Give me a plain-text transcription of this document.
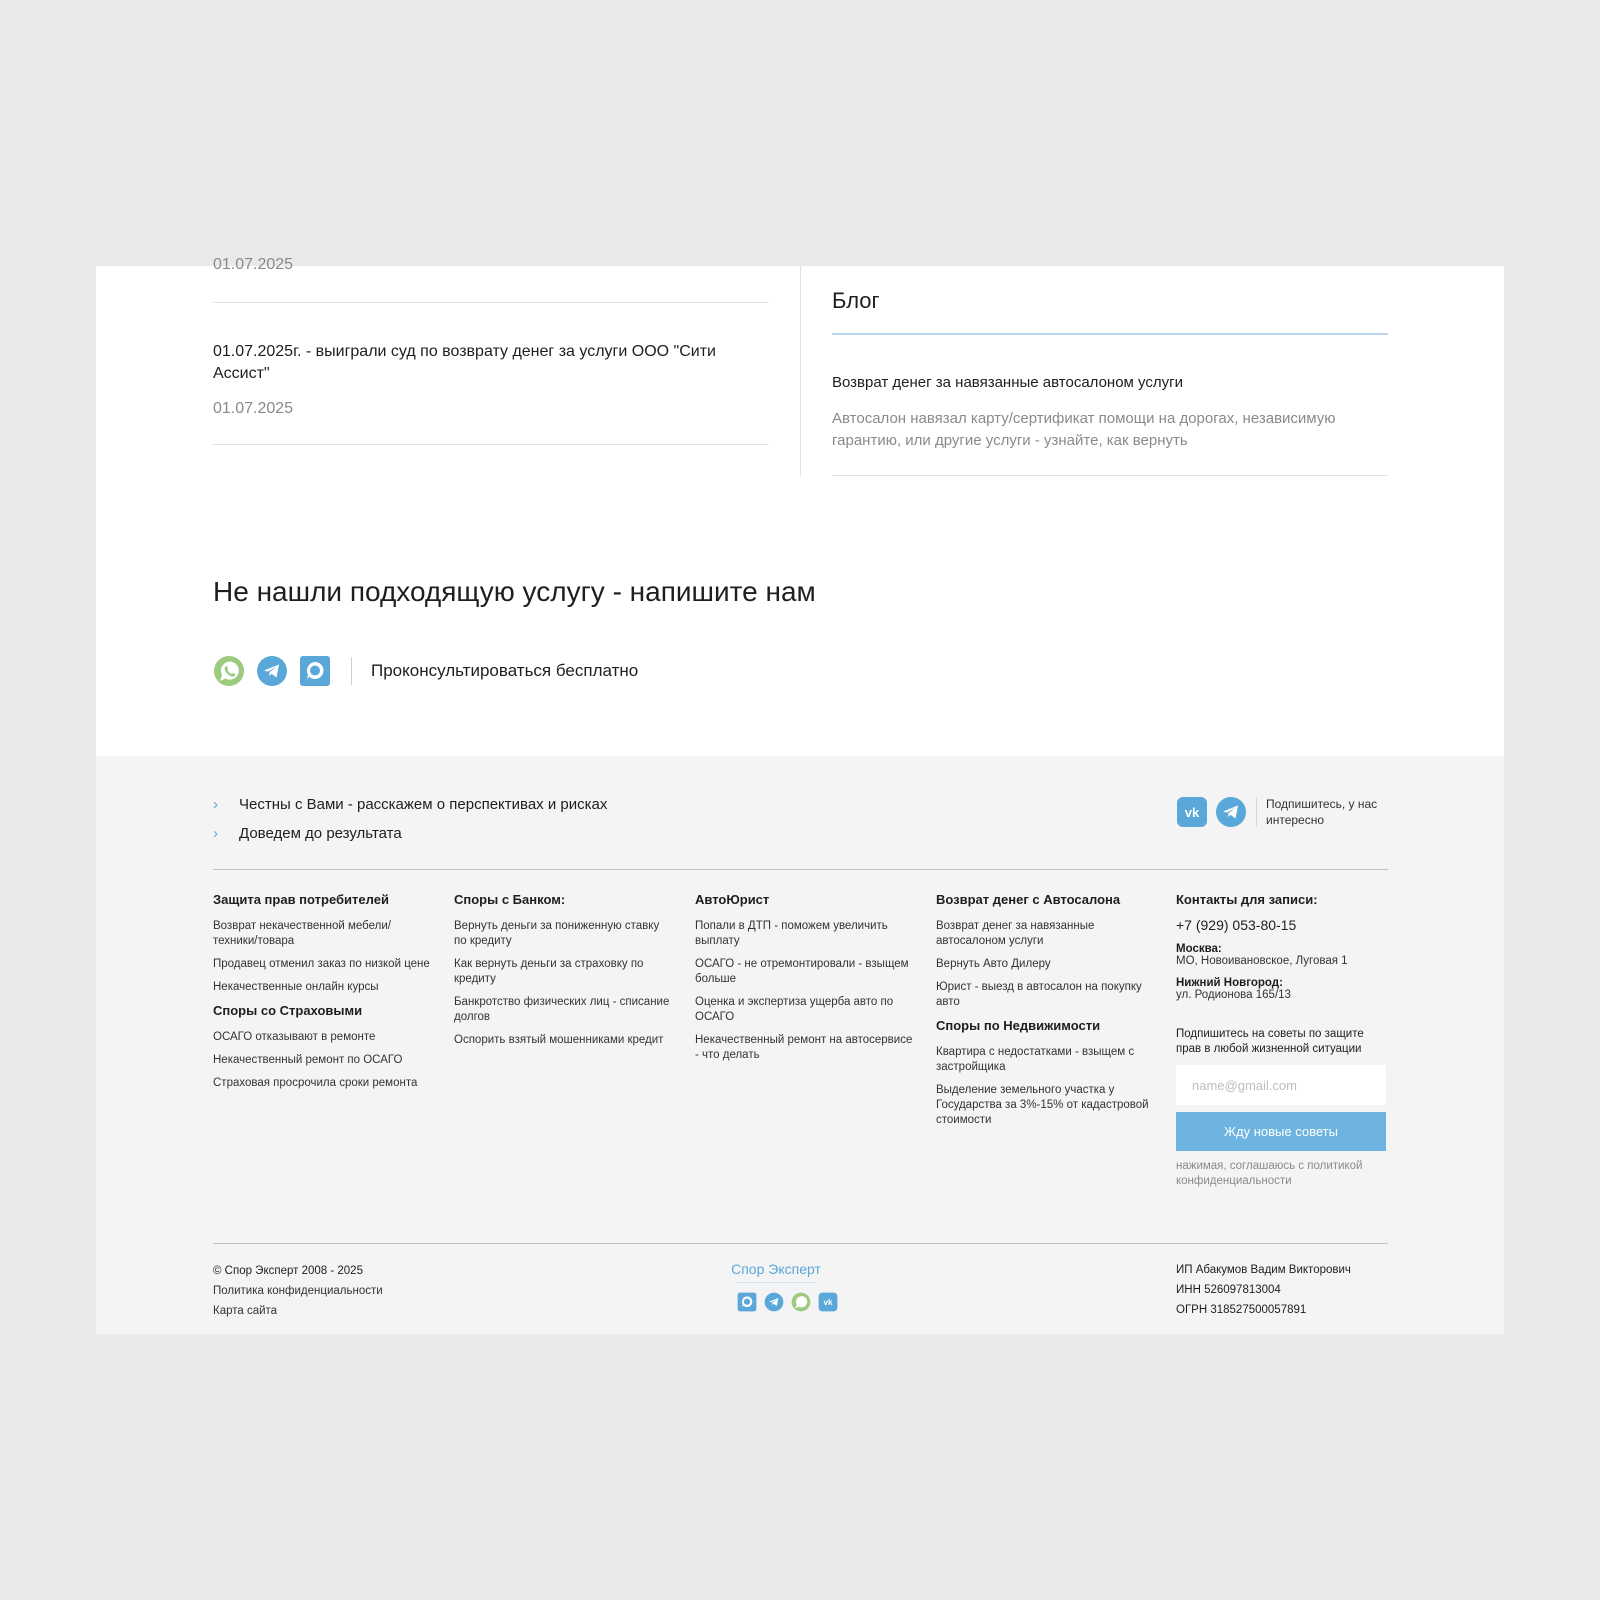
01.07.2025
01.07.2025г. - выиграли суд по возврату денег за услуги ООО "Сити Ассист"
01.07.2025
Блог
Возврат денег за навязанные автосалоном услуги
Автосалон навязал карту/сертификат помощи на дорогах, независимую гарантию, или другие услуги - узнайте, как вернуть
Не нашли подходящую услугу - напишите нам
Проконсультироваться бесплатно
›	Честны с Вами - расскажем о перспективах и рисках
›	Доведем до результата
vk
Подпишитесь, у нас интересно
Защита прав потребителей
Возврат некачественной мебели/техники/товара
Продавец отменил заказ по низкой цене
Некачественные онлайн курсы
Споры со Страховыми
ОСАГО отказывают в ремонте
Некачественный ремонт по ОСАГО
Страховая просрочила сроки ремонта
Споры с Банком:
Вернуть деньги за пониженную ставку по кредиту
Как вернуть деньги за страховку по кредиту
Банкротство физических лиц - списание долгов
Оспорить взятый мошенниками кредит
АвтоЮрист
Попали в ДТП - поможем увеличить выплату
ОСАГО - не отремонтировали - взыщем больше
Оценка и экспертиза ущерба авто по ОСАГО
Некачественный ремонт на автосервисе - что делать
Возврат денег с Автосалона
Возврат денег за навязанные автосалоном услуги
Вернуть Авто Дилеру
Юрист - выезд в автосалон на покупку авто
Споры по Недвижимости
Квартира с недостатками - взыщем с застройщика
Выделение земельного участка у Государства за 3%-15% от кадастровой стоимости
Контакты для записи:
+7 (929) 053-80-15
Москва:
МО, Новоивановское, Луговая 1
Нижний Новгород:
ул. Родионова 165/13
Подпишитесь на советы по защите прав в любой жизненной ситуации
name@gmail.com Жду новые советы
нажимая, соглашаюсь с политикой конфиденциальности
© Спор Эксперт 2008 - 2025
Политика конфиденциальности
Карта сайта
Спор Эксперт
vk
ИП Абакумов Вадим Викторович
ИНН 526097813004
ОГРН 318527500057891
